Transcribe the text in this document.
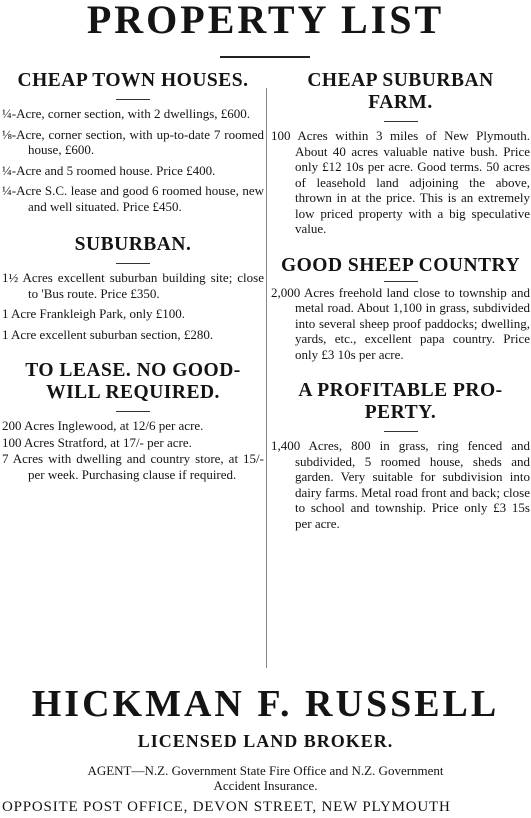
PROPERTY LIST

CHEAP TOWN HOUSES.

¼-Acre, corner section, with 2 dwellings, £600.

⅛-Acre, corner section, with up-to-date 7 roomed house, £600.

¼-Acre and 5 roomed house. Price £400.

¼-Acre S.C. lease and good 6 roomed house, new and well situated. Price £450.

SUBURBAN.

1½ Acres excellent suburban building site; close to 'Bus route. Price £350.

1 Acre Frankleigh Park, only £100.

1 Acre excellent suburban section, £280.

TO LEASE. NO GOOD-

WILL REQUIRED.

200 Acres Inglewood, at 12/6 per acre.

100 Acres Stratford, at 17/- per acre.

7 Acres with dwelling and country store, at 15/- per week. Purchasing clause if required.

CHEAP SUBURBAN

FARM.

100 Acres within 3 miles of New Plymouth. About 40 acres valuable native bush. Price only £12 10s per acre. Good terms. 50 acres of leasehold land adjoining the above, thrown in at the price. This is an extremely low priced property with a big speculative value.

GOOD SHEEP COUNTRY

2,000 Acres freehold land close to township and metal road. About 1,100 in grass, subdivided into several sheep proof paddocks; dwelling, yards, etc., excellent papa country. Price only £3 10s per acre.

A PROFITABLE PRO-

PERTY.

1,400 Acres, 800 in grass, ring fenced and subdivided, 5 roomed house, sheds and garden. Very suitable for subdivision into dairy farms. Metal road front and back; close to school and township. Price only £3 15s per acre.

HICKMAN F. RUSSELL
LICENSED LAND BROKER.
AGENT—N.Z. Government State Fire Office and N.Z. Government
Accident Insurance.
OPPOSITE POST OFFICE, DEVON STREET, NEW PLYMOUTH
